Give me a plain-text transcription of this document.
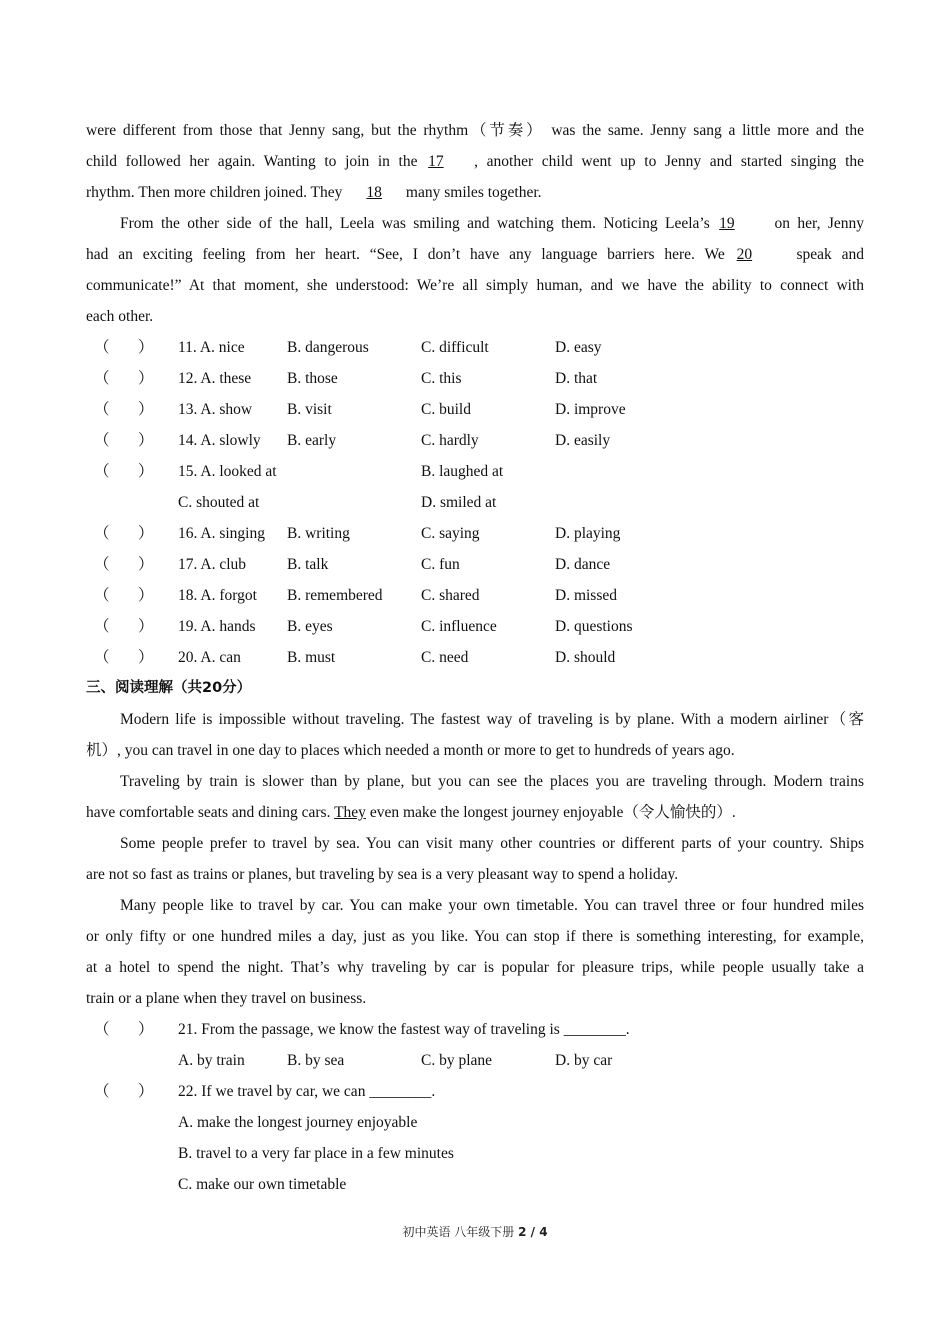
were different from those that Jenny sang, but the rhythm（节奏） was the same. Jenny sang a little more and the
child followed her again. Wanting to join in the 17 , another child went up to Jenny and started singing the
rhythm. Then more children joined. They 18 many smiles together.
From the other side of the hall, Leela was smiling and watching them. Noticing Leela’s 19	on her, Jenny
had an exciting feeling from her heart. “See, I don’t have any language barriers here. We 20	speak and
communicate!” At that moment, she understood: We’re all simply human, and we have the ability to connect with
each other.
（ ） 11. A. nice	B. dangerous	C. difficult	D. easy
（ ） 12. A. these B. those	C. this	D. that
（ ） 13. A. show B. visit	C. build	D. improve
（ ） 14. A. slowly B. early	C. hardly	D. easily
（ ） 15. A. looked at	B. laughed at
C. shouted at	D. smiled at
（ ） 16. A. singing B. writing	C. saying	D. playing
（ ） 17. A. club	B. talk	C. fun	D. dance
（ ） 18. A. forgot B. remembered C. shared	D. missed
（ ） 19. A. hands B. eyes	C. influence	D. questions
（ ） 20. A. can	B. must	C. need	D. should
三、阅读理解（共20分）
Modern life is impossible without traveling. The fastest way of traveling is by plane. With a modern airliner（客
机）, you can travel in one day to places which needed a month or more to get to hundreds of years ago.
Traveling by train is slower than by plane, but you can see the places you are traveling through. Modern trains
have comfortable seats and dining cars. They even make the longest journey enjoyable（令人愉快的）.
Some people prefer to travel by sea. You can visit many other countries or different parts of your country. Ships
are not so fast as trains or planes, but traveling by sea is a very pleasant way to spend a holiday.
Many people like to travel by car. You can make your own timetable. You can travel three or four hundred miles
or only fifty or one hundred miles a day, just as you like. You can stop if there is something interesting, for example,
at a hotel to spend the night. That’s why traveling by car is popular for pleasure trips, while people usually take a
train or a plane when they travel on business.
（ ） 21. From the passage, we know the fastest way of traveling is ________.
A. by train	B. by sea	C. by plane	D. by car
（ ） 22. If we travel by car, we can ________.
A. make the longest journey enjoyable
B. travel to a very far place in a few minutes
C. make our own timetable
初中英语 八年级下册 2 / 4
